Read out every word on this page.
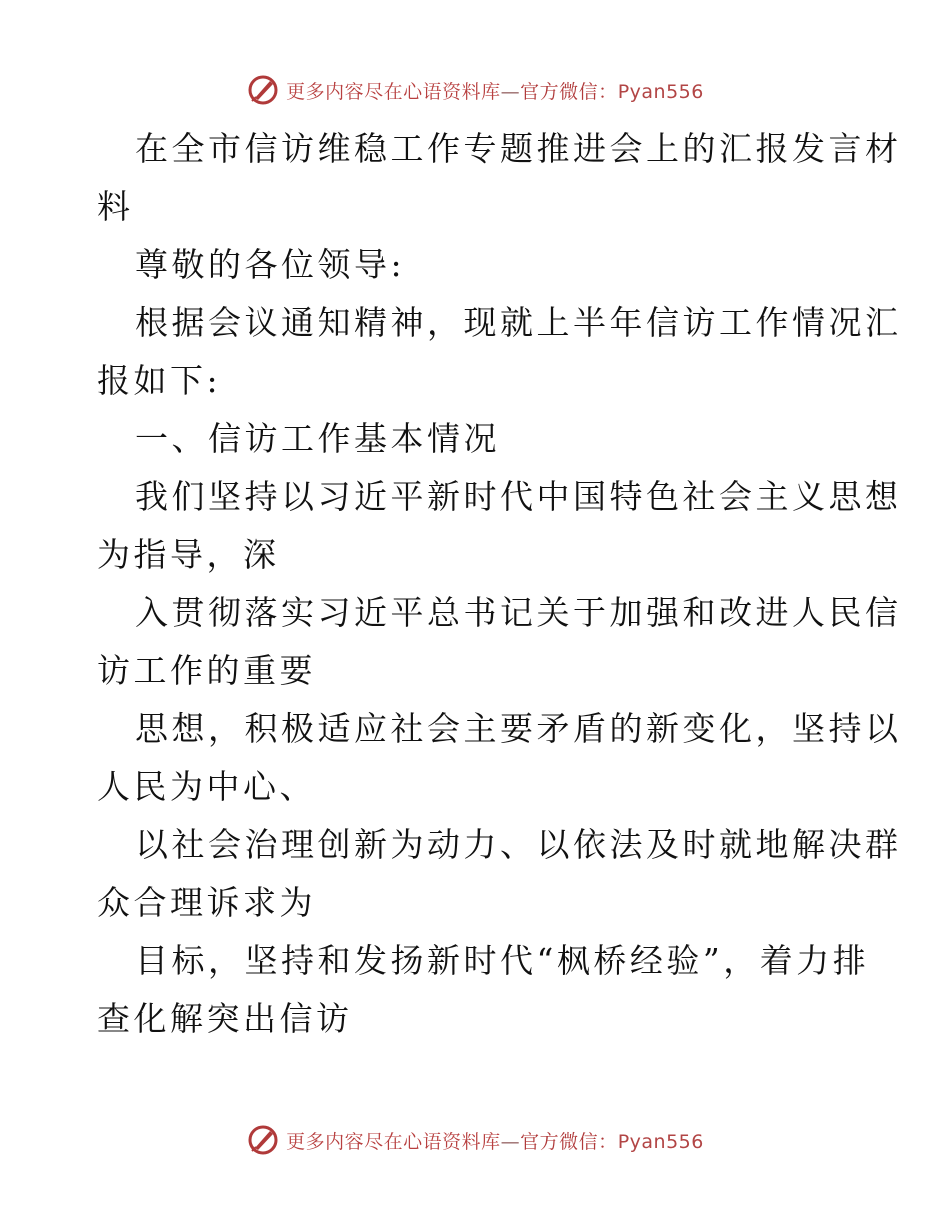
更多内容尽在心语资料库—官方微信：Pyan556
在全市信访维稳工作专题推进会上的汇报发言材
料
尊敬的各位领导:
根据会议通知精神，现就上半年信访工作情况汇
报如下:
一、信访工作基本情况
我们坚持以习近平新时代中国特色社会主义思想
为指导，深
入贯彻落实习近平总书记关于加强和改进人民信
访工作的重要
思想，积极适应社会主要矛盾的新变化，坚持以
人民为中心、
以社会治理创新为动力、以依法及时就地解决群
众合理诉求为
目标，坚持和发扬新时代“枫桥经验”，着力排
查化解突出信访
更多内容尽在心语资料库—官方微信：Pyan556
